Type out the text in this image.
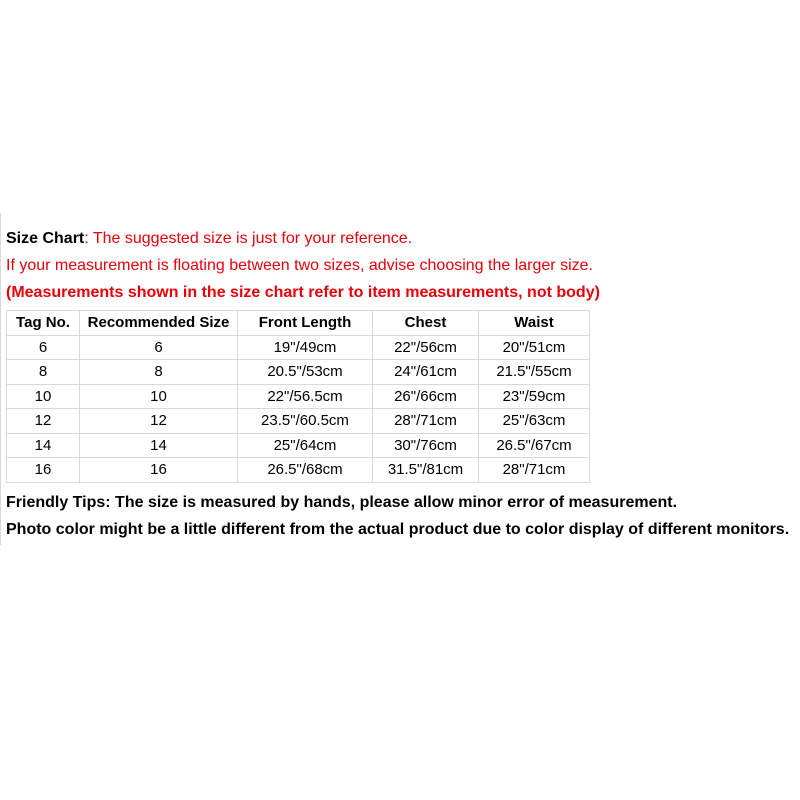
Size Chart: The suggested size is just for your reference.
If your measurement is floating between two sizes, advise choosing the larger size.
(Measurements shown in the size chart refer to item measurements, not body)
Tag No.	Recommended Size	Front Length	Chest	Waist
6	6	19"/49cm	22"/56cm	20"/51cm
8	8	20.5"/53cm	24"/61cm	21.5"/55cm
10	10	22"/56.5cm	26"/66cm	23"/59cm
12	12	23.5"/60.5cm	28"/71cm	25"/63cm
14	14	25"/64cm	30"/76cm	26.5"/67cm
16	16	26.5"/68cm	31.5"/81cm	28"/71cm
Friendly Tips: The size is measured by hands, please allow minor error of measurement.
Photo color might be a little different from the actual product due to color display of different monitors.
